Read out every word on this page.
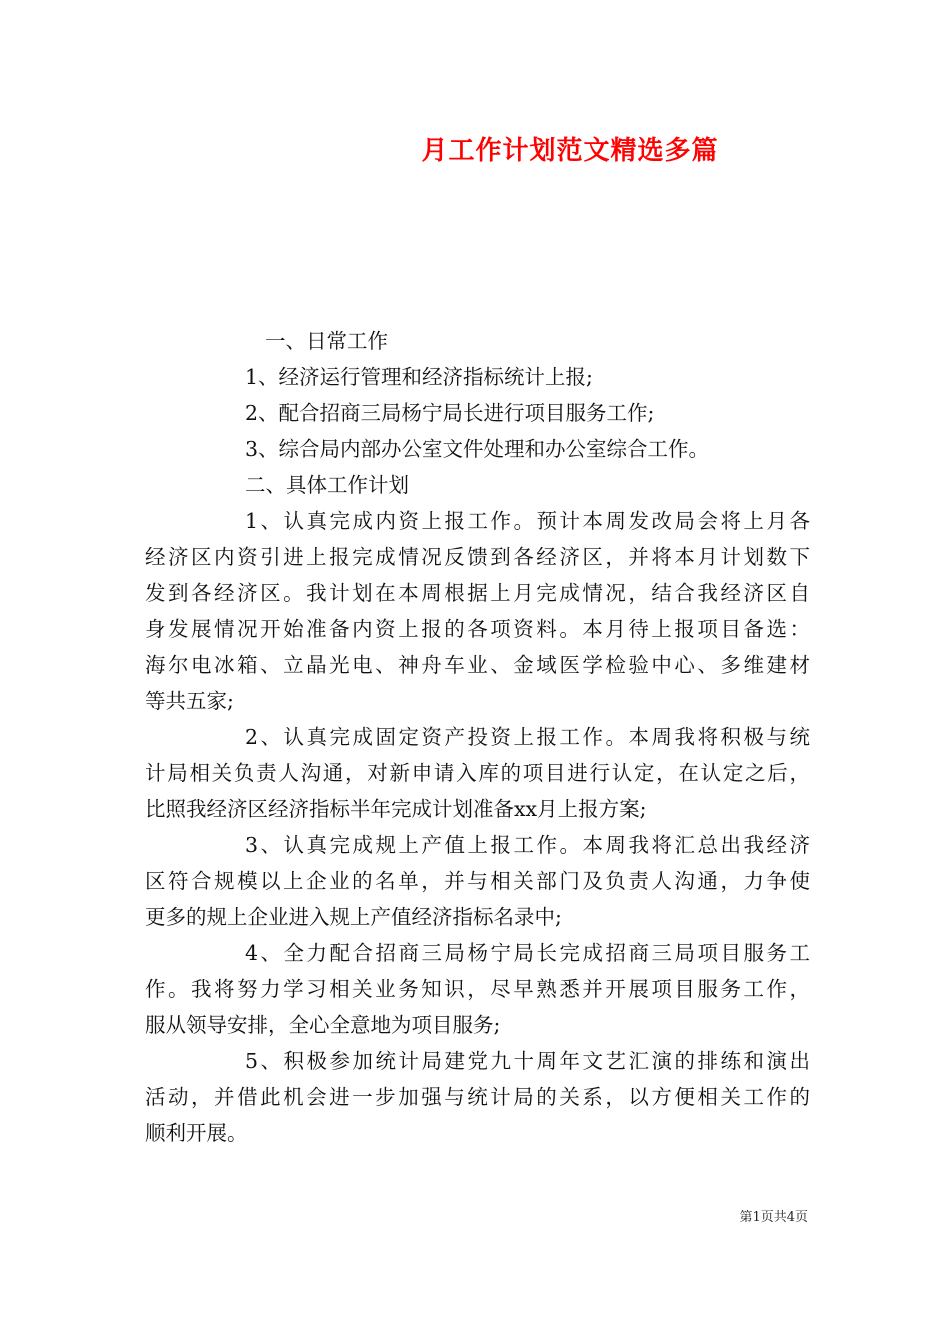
月工作计划范文精选多篇
一、日常工作
1、经济运行管理和经济指标统计上报;
2、配合招商三局杨宁局长进行项目服务工作;
3、综合局内部办公室文件处理和办公室综合工作。
二、具体工作计划
1、认真完成内资上报工作。预计本周发改局会将上月各
经济区内资引进上报完成情况反馈到各经济区，并将本月计划数下
发到各经济区。我计划在本周根据上月完成情况，结合我经济区自
身发展情况开始准备内资上报的各项资料。本月待上报项目备选：
海尔电冰箱、立晶光电、神舟车业、金域医学检验中心、多维建材
等共五家;
2、认真完成固定资产投资上报工作。本周我将积极与统
计局相关负责人沟通，对新申请入库的项目进行认定，在认定之后，
比照我经济区经济指标半年完成计划准备xx月上报方案;
3、认真完成规上产值上报工作。本周我将汇总出我经济
区符合规模以上企业的名单，并与相关部门及负责人沟通，力争使
更多的规上企业进入规上产值经济指标名录中;
4、全力配合招商三局杨宁局长完成招商三局项目服务工
作。我将努力学习相关业务知识，尽早熟悉并开展项目服务工作，
服从领导安排，全心全意地为项目服务;
5、积极参加统计局建党九十周年文艺汇演的排练和演出
活动，并借此机会进一步加强与统计局的关系，以方便相关工作的
顺利开展。
第1页共4页
